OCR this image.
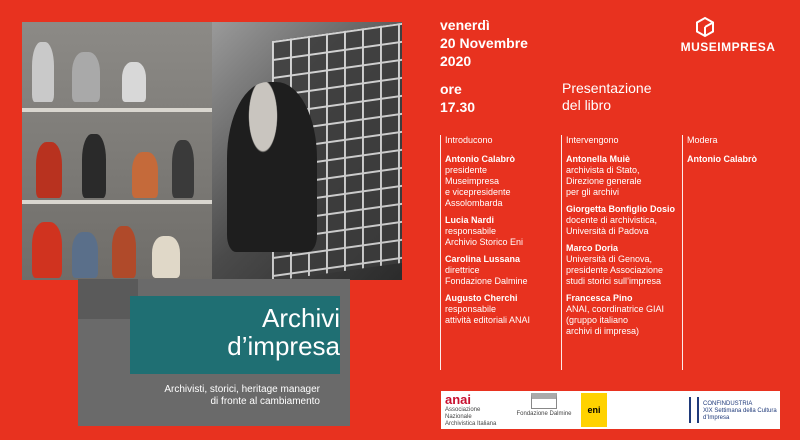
Archivi
d’impresa
Archivisti, storici, heritage manager
di fronte al cambiamento
venerdì
20 Novembre
2020
ore
17.30
Presentazione
del libro
MUSEIMPRESA
Introducono
Antonio Calabrò
presidente
Museimpresa
e vicepresidente
Assolombarda
Lucia Nardi
responsabile
Archivio Storico Eni
Carolina Lussana
direttrice
Fondazione Dalmine
Augusto Cherchi
responsabile
attività editoriali ANAI
Intervengono
Antonella Muiè
archivista di Stato,
Direzione generale
per gli archivi
Giorgetta Bonfiglio Dosio
docente di archivistica,
Università di Padova
Marco Doria
Università di Genova,
presidente Associazione
studi storici sull’impresa
Francesca Pino
ANAI, coordinatrice GIAI
(gruppo italiano
archivi di impresa)
Modera
Antonio Calabrò
anai
Associazione Nazionale
Archivistica Italiana
Fondazione Dalmine	eni
CONFINDUSTRIA
XIX Settimana della Cultura d’Impresa
